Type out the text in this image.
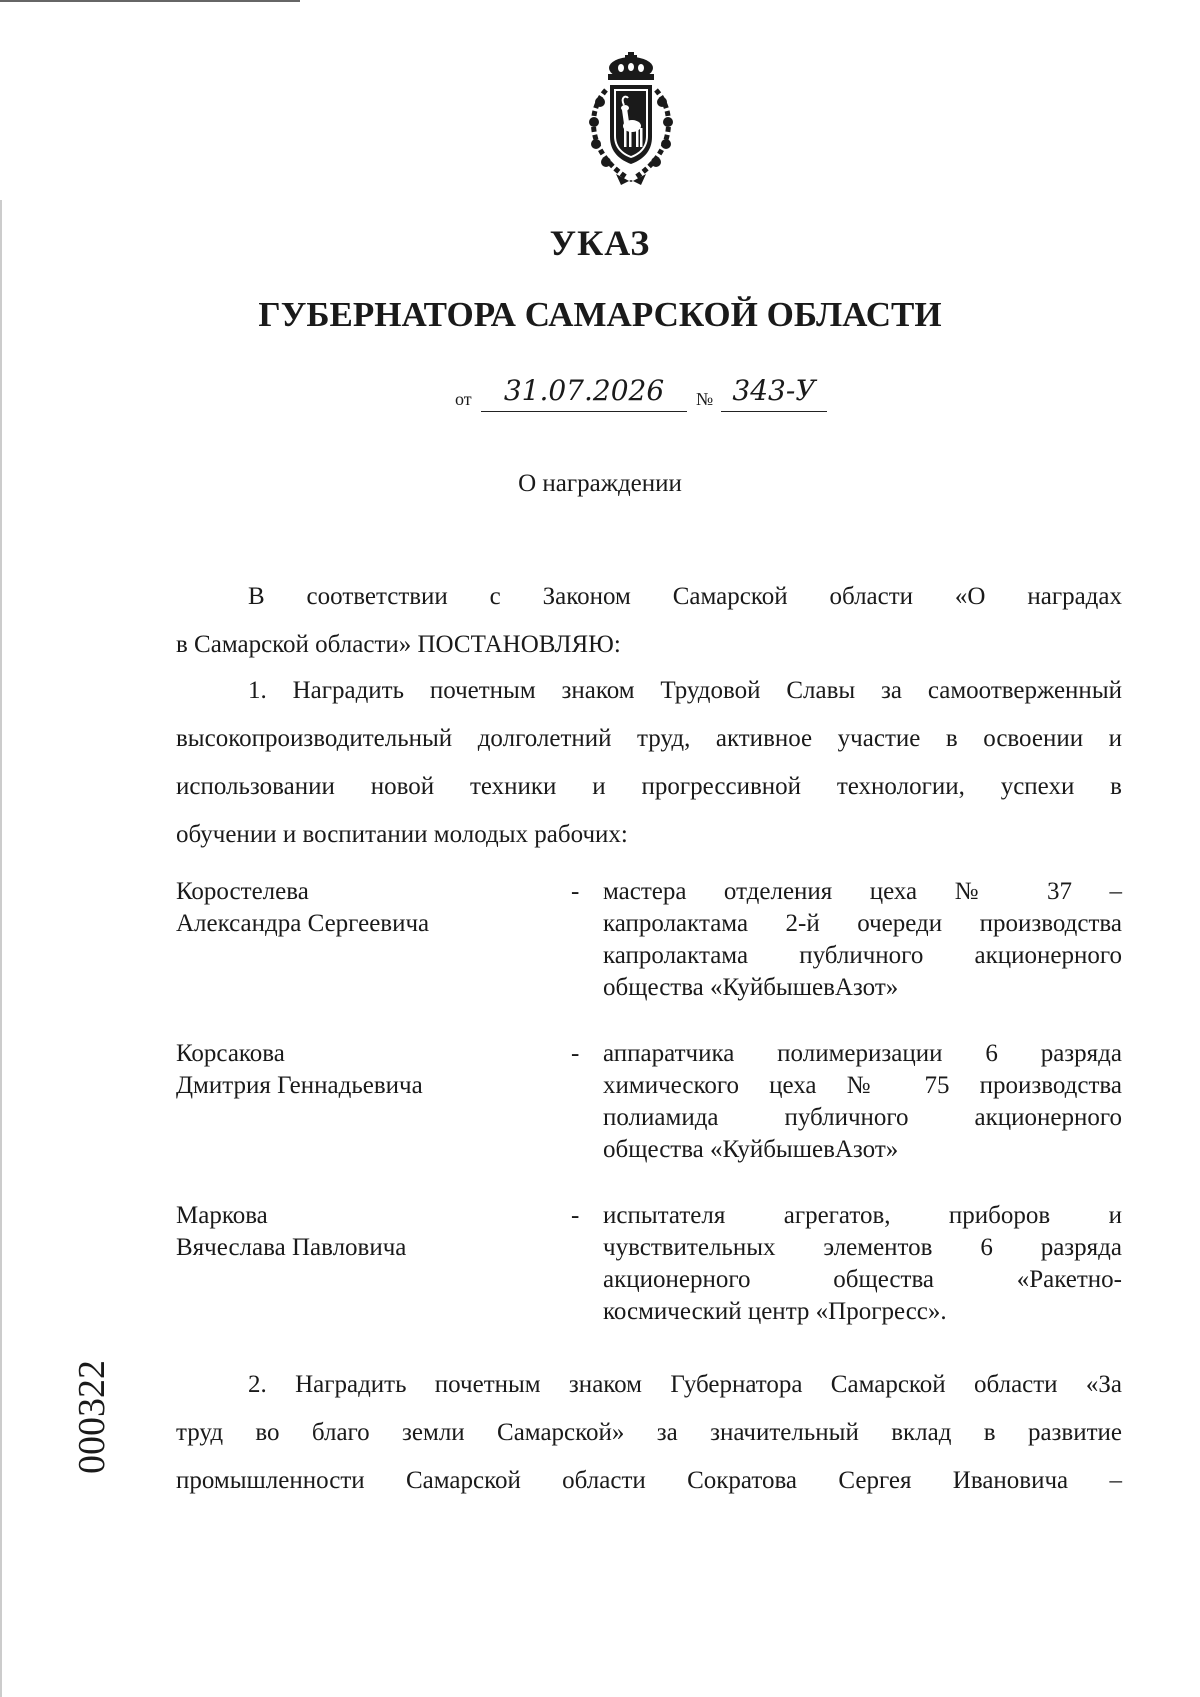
УКАЗ
ГУБЕРНАТОРА САМАРСКОЙ ОБЛАСТИ
от	31.07.2026	№ 343-У
О награждении
В соответствии с Законом Самарской области «О наградах
в Самарской области» ПОСТАНОВЛЯЮ:
1. Наградить почетным знаком Трудовой Славы за самоотверженный
высокопроизводительный долголетний труд, активное участие в освоении и
использовании новой техники и прогрессивной технологии, успехи в
обучении и воспитании молодых рабочих:
Коростелева
Александра Сергеевича
- мастера отделения цеха № 37 –
капролактама 2-й очереди производства
капролактама публичного акционерного
общества «КуйбышевАзот»
Корсакова
Дмитрия Геннадьевича
- аппаратчика полимеризации 6 разряда
химического цеха № 75 производства
полиамида публичного акционерного
общества «КуйбышевАзот»
Маркова
Вячеслава Павловича
- испытателя агрегатов, приборов и
чувствительных элементов 6 разряда
акционерного общества «Ракетно-
космический центр «Прогресс».
2. Наградить почетным знаком Губернатора Самарской области «За
труд во благо земли Самарской» за значительный вклад в развитие
промышленности Самарской области Сократова Сергея Ивановича –
000322
